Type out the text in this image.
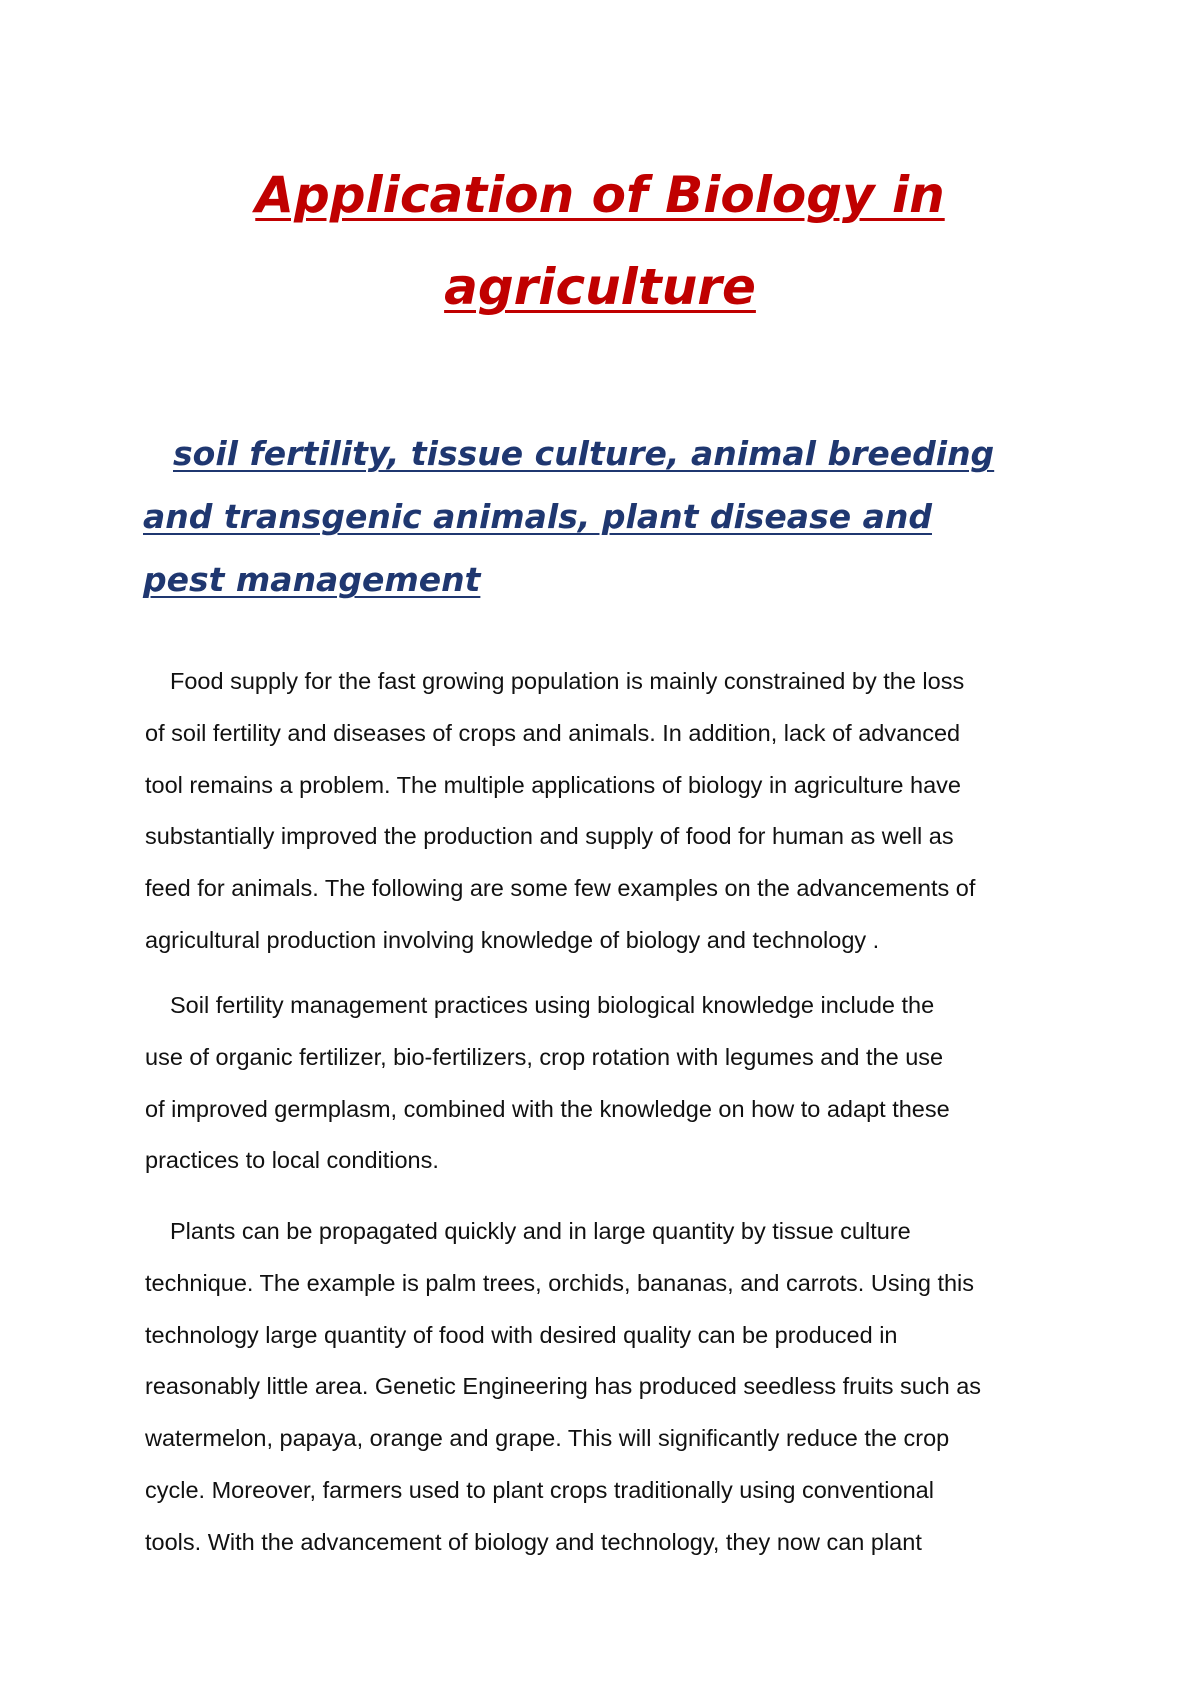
Application of Biology in
agriculture
soil fertility, tissue culture, animal breeding
and transgenic animals, plant disease and
pest management

Food supply for the fast growing population is mainly constrained by the loss
of soil fertility and diseases of crops and animals. In addition, lack of advanced
tool remains a problem. The multiple applications of biology in agriculture have
substantially improved the production and supply of food for human as well as
feed for animals. The following are some few examples on the advancements of
agricultural production involving knowledge of biology and technology .

Soil fertility management practices using biological knowledge include the
use of organic fertilizer, bio-fertilizers, crop rotation with legumes and the use
of improved germplasm, combined with the knowledge on how to adapt these
practices to local conditions.

Plants can be propagated quickly and in large quantity by tissue culture
technique. The example is palm trees, orchids, bananas, and carrots. Using this
technology large quantity of food with desired quality can be produced in
reasonably little area. Genetic Engineering has produced seedless fruits such as
watermelon, papaya, orange and grape. This will significantly reduce the crop
cycle. Moreover, farmers used to plant crops traditionally using conventional
tools. With the advancement of biology and technology, they now can plant
